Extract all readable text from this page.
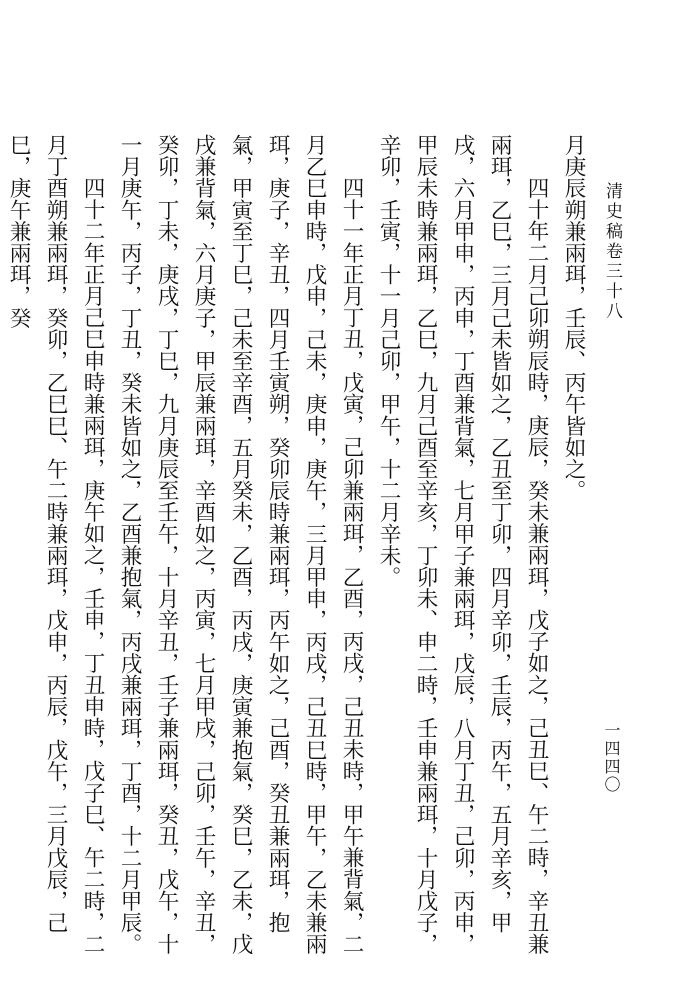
清史稿卷三十八
一四四〇

月庚辰朔兼兩珥，壬辰、丙午皆如之。

四十年二月己卯朔辰時，庚辰，癸未兼兩珥，戊子如之，己丑巳、午二時，辛丑兼兩珥，乙巳，三月己未皆如之，乙丑至丁卯，四月辛卯，壬辰，丙午，五月辛亥，甲戌，六月甲申，丙申，丁酉兼背氣，七月甲子兼兩珥，戊辰，八月丁丑，己卯，丙申，甲辰未時兼兩珥，乙巳，九月己酉至辛亥，丁卯未、申二時，壬申兼兩珥，十月戊子，辛卯，壬寅，十一月己卯，甲午，十二月辛未。

四十一年正月丁丑，戊寅，己卯兼兩珥，乙酉，丙戌，己丑未時，甲午兼背氣，二月乙巳申時，戊申，己未，庚申，庚午，三月甲申，丙戌，己丑巳時，甲午，乙未兼兩珥，庚子，辛丑，四月壬寅朔，癸卯辰時兼兩珥，丙午如之，己酉，癸丑兼兩珥，抱氣，甲寅至丁巳，己未至辛酉，五月癸未，乙酉，丙戌，庚寅兼抱氣，癸巳，乙未，戊戌兼背氣，六月庚子，甲辰兼兩珥，辛酉如之，丙寅，七月甲戌，己卯，壬午，辛丑，癸卯，丁未，庚戌，丁巳，九月庚辰至壬午，十月辛丑，壬子兼兩珥，癸丑，戊午，十一月庚午，丙子，丁丑，癸未皆如之，乙酉兼抱氣，丙戌兼兩珥，丁酉，十二月甲辰。

四十二年正月己巳申時兼兩珥，庚午如之，壬申，丁丑申時，戊子巳、午二時，二月丁酉朔兼兩珥，癸卯，乙巳巳、午二時兼兩珥，戊申，丙辰，戊午，三月戊辰，己巳，庚午兼兩珥，癸
